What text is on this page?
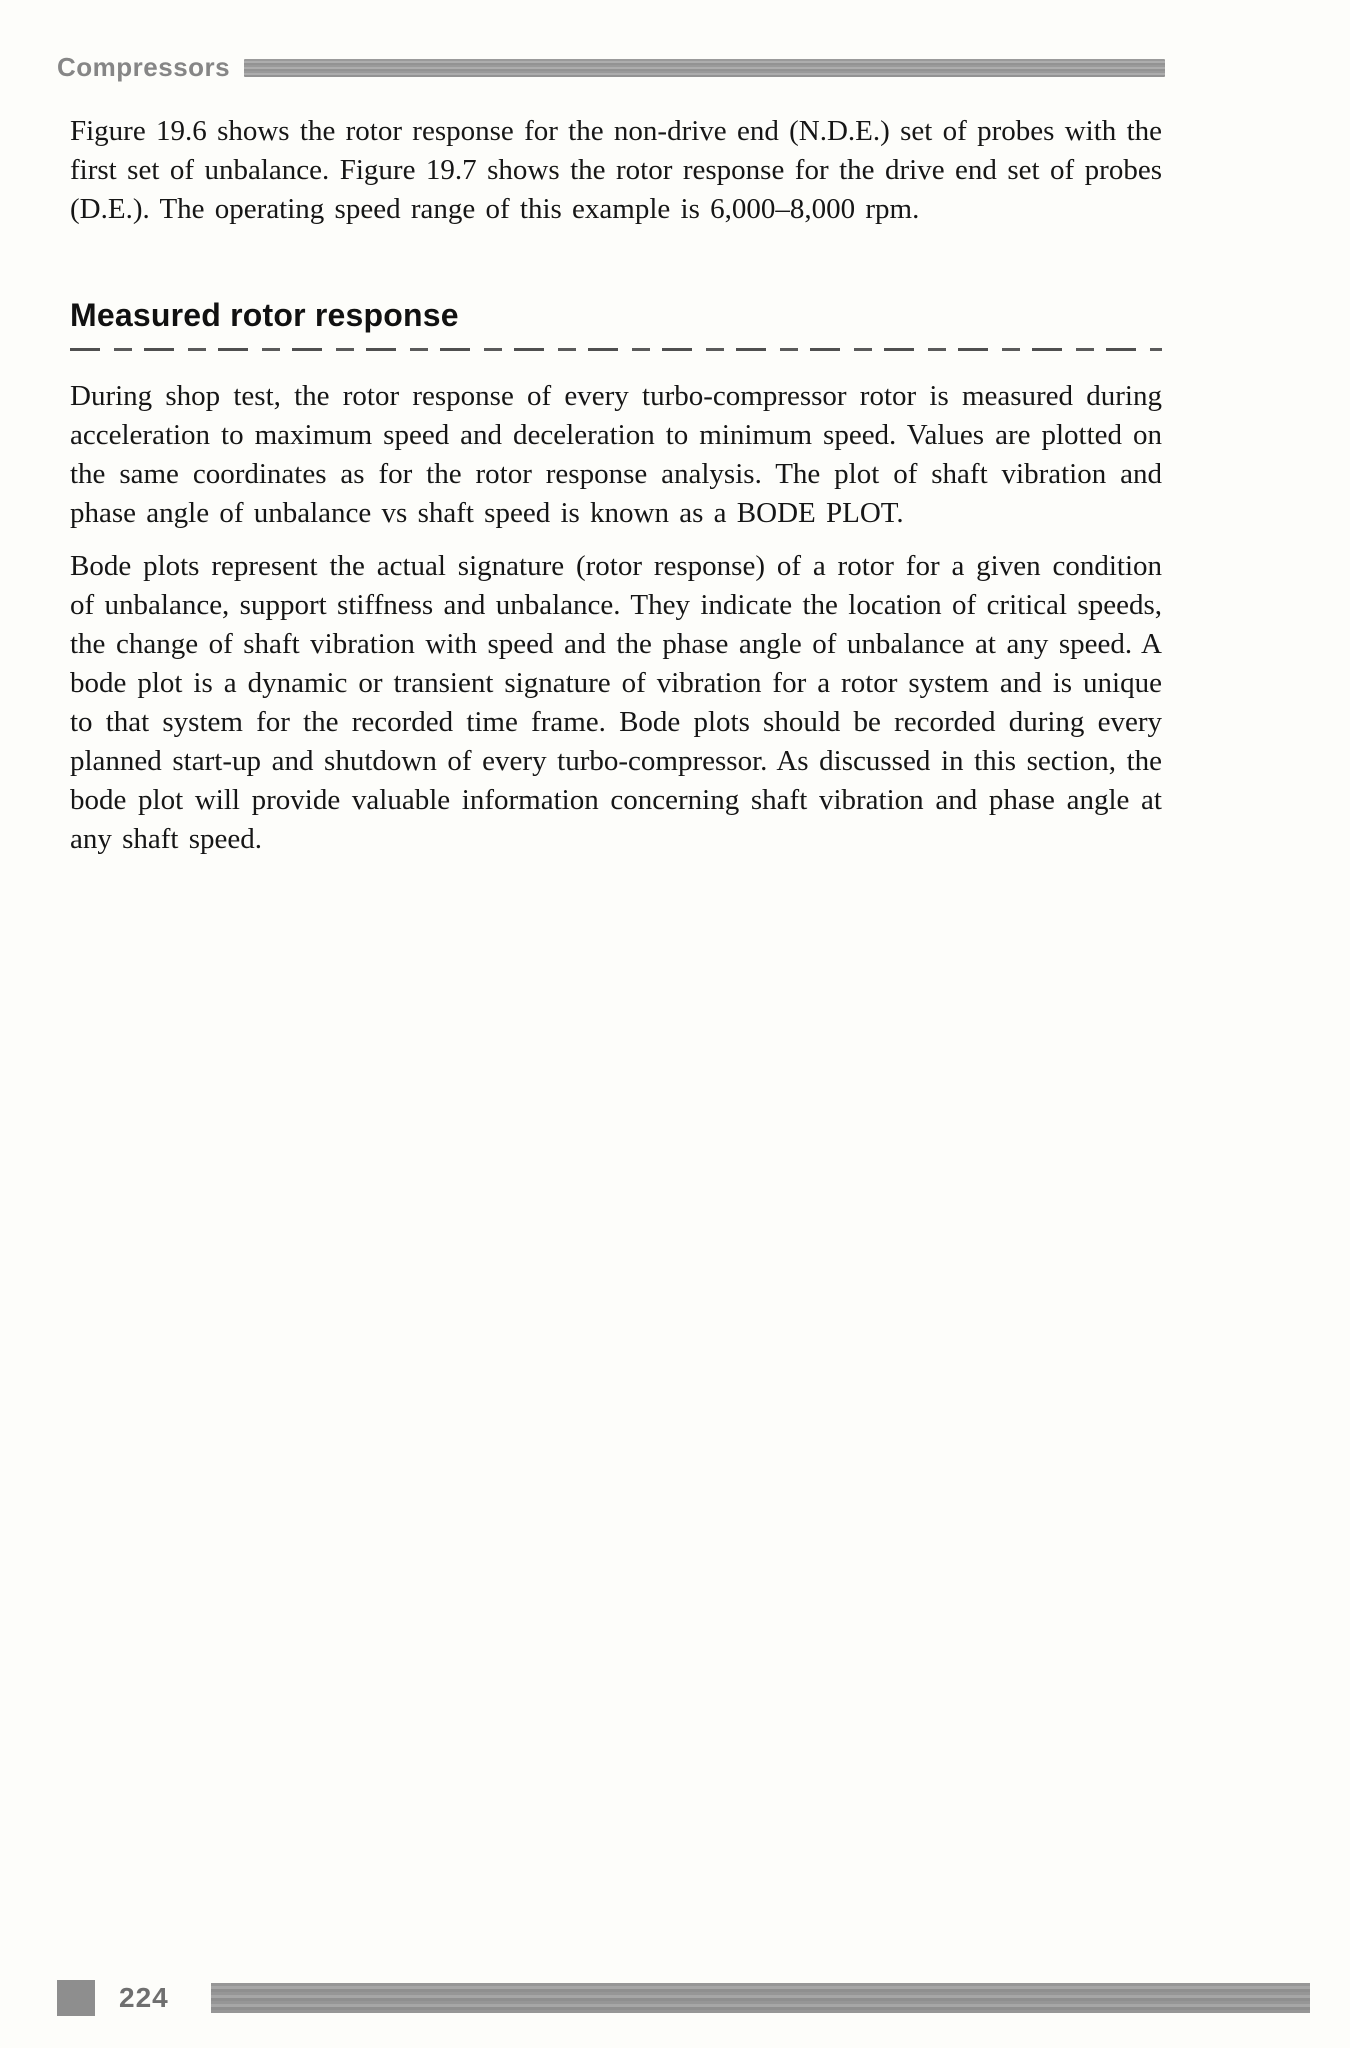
Compressors

Figure 19.6 shows the rotor response for the non-drive end (N.D.E.) set of probes with the first set of unbalance. Figure 19.7 shows the rotor response for the drive end set of probes (D.E.). The operating speed range of this example is 6,000–8,000 rpm.

Measured rotor response

During shop test, the rotor response of every turbo-compressor rotor is measured during acceleration to maximum speed and deceleration to minimum speed. Values are plotted on the same coordinates as for the rotor response analysis. The plot of shaft vibration and phase angle of unbalance vs shaft speed is known as a BODE PLOT.

Bode plots represent the actual signature (rotor response) of a rotor for a given condition of unbalance, support stiffness and unbalance. They indicate the location of critical speeds, the change of shaft vibration with speed and the phase angle of unbalance at any speed. A bode plot is a dynamic or transient signature of vibration for a rotor system and is unique to that system for the recorded time frame. Bode plots should be recorded during every planned start-up and shutdown of every turbo-compressor. As discussed in this section, the bode plot will provide valuable information concerning shaft vibration and phase angle at any shaft speed.

224
